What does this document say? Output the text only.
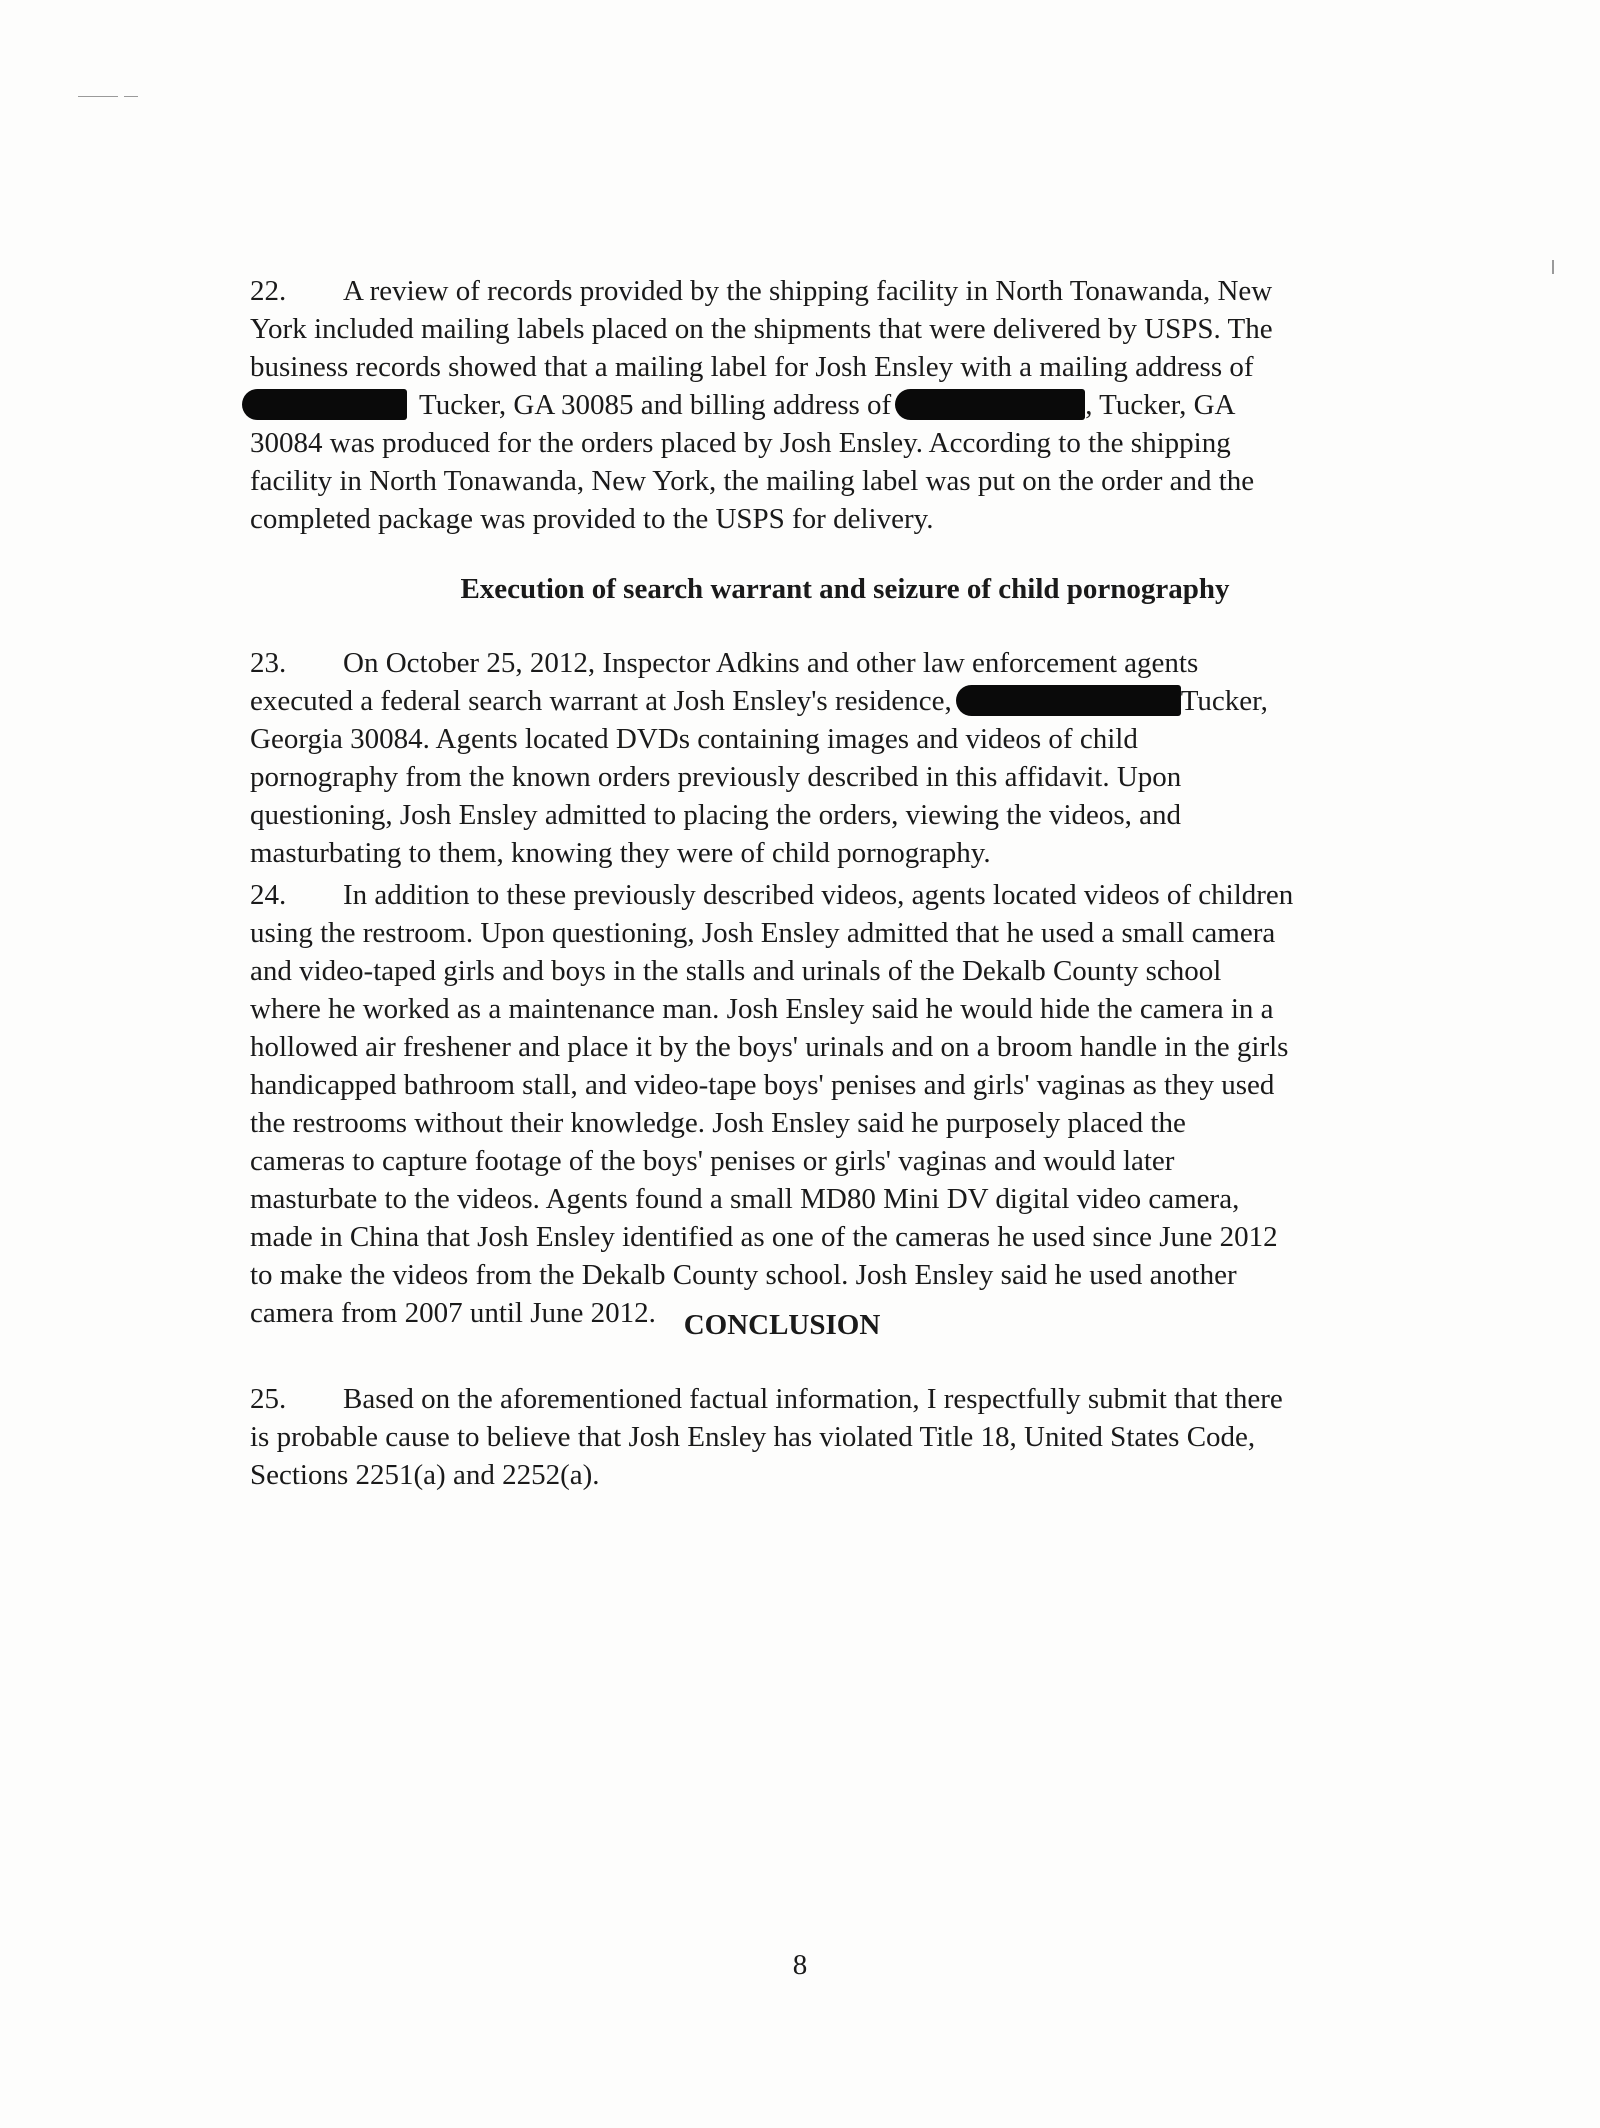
22. A review of records provided by the shipping facility in North Tonawanda, New
York included mailing labels placed on the shipments that were delivered by USPS. The
business records showed that a mailing label for Josh Ensley with a mailing address of
Tucker, GA 30085 and billing address of	, Tucker, GA
30084 was produced for the orders placed by Josh Ensley. According to the shipping
facility in North Tonawanda, New York, the mailing label was put on the order and the
completed package was provided to the USPS for delivery.
Execution of search warrant and seizure of child pornography
23. On October 25, 2012, Inspector Adkins and other law enforcement agents
executed a federal search warrant at Josh Ensley's residence,	Tucker,
Georgia 30084. Agents located DVDs containing images and videos of child
pornography from the known orders previously described in this affidavit. Upon
questioning, Josh Ensley admitted to placing the orders, viewing the videos, and
masturbating to them, knowing they were of child pornography.
24. In addition to these previously described videos, agents located videos of children
using the restroom. Upon questioning, Josh Ensley admitted that he used a small camera
and video-taped girls and boys in the stalls and urinals of the Dekalb County school
where he worked as a maintenance man. Josh Ensley said he would hide the camera in a
hollowed air freshener and place it by the boys' urinals and on a broom handle in the girls
handicapped bathroom stall, and video-tape boys' penises and girls' vaginas as they used
the restrooms without their knowledge. Josh Ensley said he purposely placed the
cameras to capture footage of the boys' penises or girls' vaginas and would later
masturbate to the videos. Agents found a small MD80 Mini DV digital video camera,
made in China that Josh Ensley identified as one of the cameras he used since June 2012
to make the videos from the Dekalb County school. Josh Ensley said he used another
camera from 2007 until June 2012. CONCLUSION
25. Based on the aforementioned factual information, I respectfully submit that there
is probable cause to believe that Josh Ensley has violated Title 18, United States Code,
Sections 2251(a) and 2252(a).
8
